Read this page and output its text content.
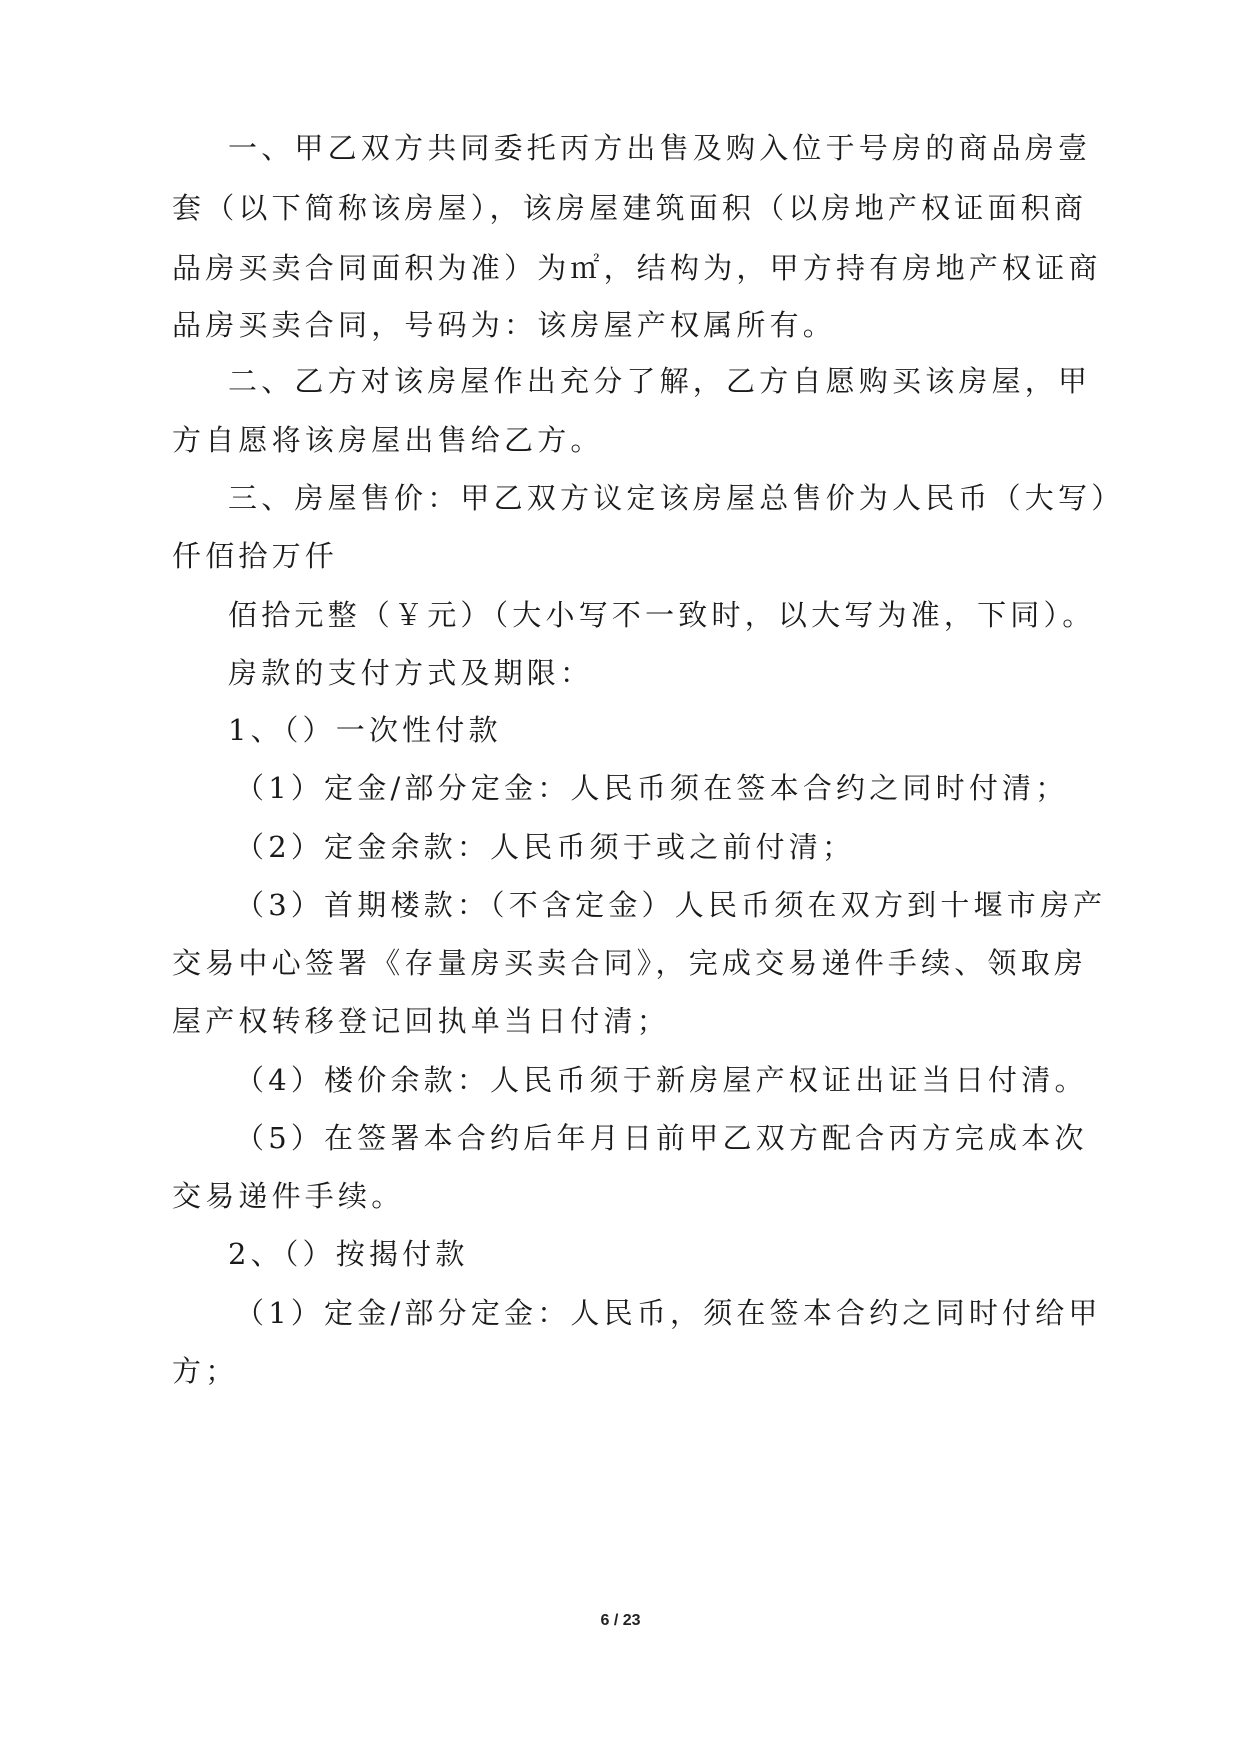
一、甲乙双方共同委托丙方出售及购入位于号房的商品房壹
套（以下简称该房屋），该房屋建筑面积（以房地产权证面积商
品房买卖合同面积为准）为㎡，结构为，甲方持有房地产权证商
品房买卖合同，号码为：该房屋产权属所有。
二、乙方对该房屋作出充分了解，乙方自愿购买该房屋，甲
方自愿将该房屋出售给乙方。
三、房屋售价：甲乙双方议定该房屋总售价为人民币（大写）
仟佰拾万仟
佰拾元整（￥元）（大小写不一致时，以大写为准，下同）。
房款的支付方式及期限：
1、（）一次性付款
（1）定金/部分定金：人民币须在签本合约之同时付清；
（2）定金余款：人民币须于或之前付清；
（3）首期楼款：（不含定金）人民币须在双方到十堰市房产
交易中心签署《存量房买卖合同》，完成交易递件手续、领取房
屋产权转移登记回执单当日付清；
（4）楼价余款：人民币须于新房屋产权证出证当日付清。
（5）在签署本合约后年月日前甲乙双方配合丙方完成本次
交易递件手续。
2、（）按揭付款
（1）定金/部分定金：人民币，须在签本合约之同时付给甲
方；
6 / 23
